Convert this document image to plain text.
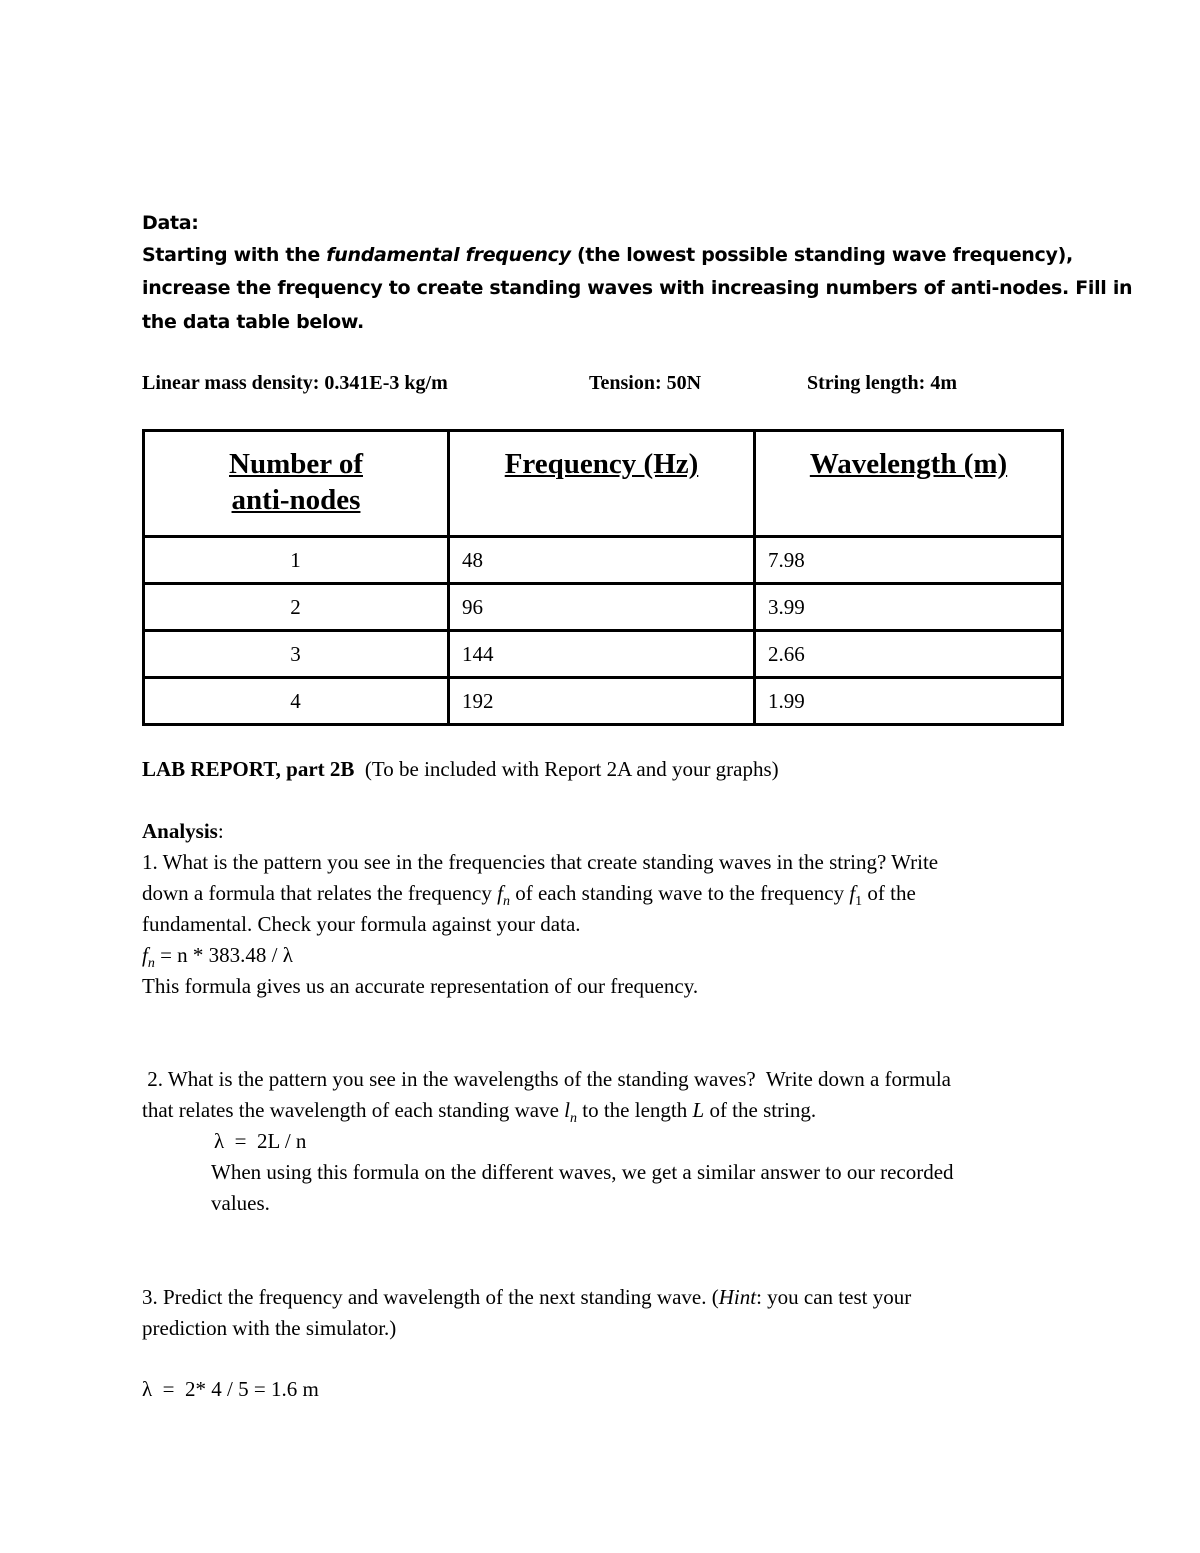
Data:
Starting with the fundamental frequency (the lowest possible standing wave frequency),
increase the frequency to create standing waves with increasing numbers of anti-nodes. Fill in
the data table below.
Linear mass density: 0.341E-3 kg/m	Tension: 50N	String length: 4m
Number of
anti-nodes	Frequency (Hz)	Wavelength (m)
1	48	7.98
2	96	3.99
3	144	2.66
4	192	1.99
LAB REPORT, part 2B (To be included with Report 2A and your graphs)
Analysis:
1. What is the pattern you see in the frequencies that create standing waves in the string? Write
down a formula that relates the frequency $f_n$ of each standing wave to the frequency $f_1$ of the
fundamental. Check your formula against your data.
$f_n = n * 383.48 / \lambda$
This formula gives us an accurate representation of our frequency.
2. What is the pattern you see in the wavelengths of the standing waves?  Write down a formula
that relates the wavelength of each standing wave $l_n$ to the length L of the string.
λ  =  2L / n
When using this formula on the different waves, we get a similar answer to our recorded
values.
3. Predict the frequency and wavelength of the next standing wave. (Hint: you can test your
prediction with the simulator.)
λ  =  2* 4 / 5 = 1.6 m
